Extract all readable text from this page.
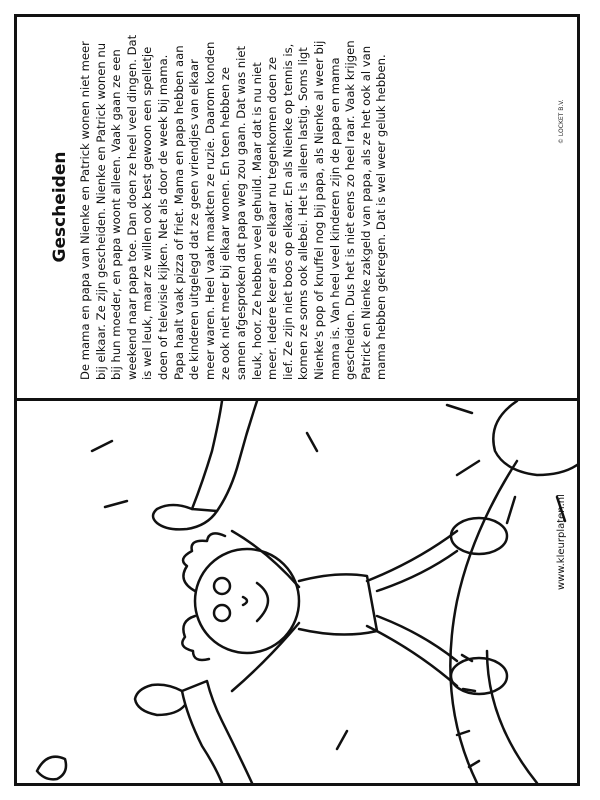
Gescheiden De mama en papa van Nienke en Patrick wonen niet meer bij elkaar. Ze zijn gescheiden. Nienke en Patrick wonen nu bij hun moeder, en papa woont alleen. Vaak gaan ze een weekend naar papa toe. Dan doen ze heel veel dingen. Dat is wel leuk, maar ze willen ook best gewoon een spelletje doen of televisie kijken. Net als door de week bij mama. Papa haalt vaak pizza of friet. Mama en papa hebben aan de kinderen uitgelegd dat ze geen vriendjes van elkaar meer waren. Heel vaak maakten ze ruzie. Daarom konden ze ook niet meer bij elkaar wonen. En toen hebben ze samen afgesproken dat papa weg zou gaan. Dat was niet leuk, hoor. Ze hebben veel gehuild. Maar dat is nu niet meer. Iedere keer als ze elkaar nu tegenkomen doen ze lief. Ze zijn niet boos op elkaar. En als Nienke op tennis is, komen ze soms ook allebei. Het is alleen lastig. Soms ligt Nienke's pop of knuffel nog bij papa, als Nienke al weer bij mama is. Van heel veel kinderen zijn de papa en mama gescheiden. Dus het is niet eens zo heel raar. Vaak krijgen Patrick en Nienke zakgeld van papa, als ze het ook al van mama hebben gekregen. Dat is wel weer geluk hebben.	© LOCKET B.V.
www.kleurplaten.nl
